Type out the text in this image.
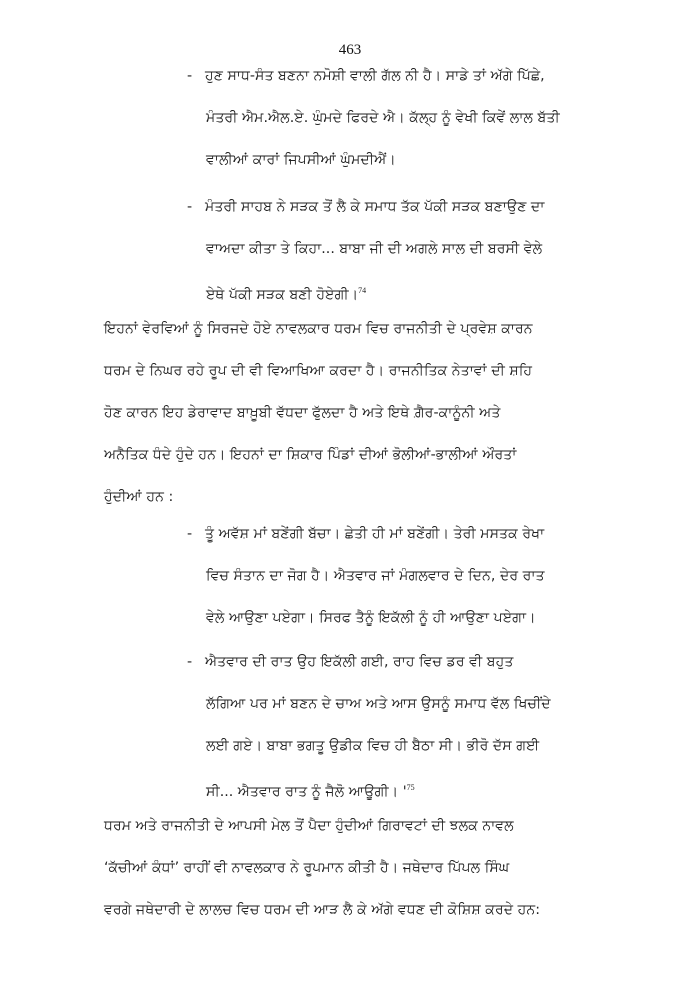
463
- ਹੁਣ ਸਾਧ-ਸੰਤ ਬਣਨਾ ਨਮੋਸ਼ੀ ਵਾਲੀ ਗੱਲ ਨੀ ਹੈ। ਸਾਡੇ ਤਾਂ ਅੱਗੇ ਪਿੱਛੇ,
ਮੰਤਰੀ ਐਮ.ਐਲ.ਏ. ਘੁੰਮਦੇ ਫਿਰਦੇ ਐ। ਕੱਲ੍ਹ ਨੂੰ ਵੇਖੀ ਕਿਵੇਂ ਲਾਲ ਬੱਤੀ
ਵਾਲੀਆਂ ਕਾਰਾਂ ਜਿਪਸੀਆਂ ਘੁੰਮਦੀਐਂ।
- ਮੰਤਰੀ ਸਾਹਬ ਨੇ ਸੜਕ ਤੋਂ ਲੈ ਕੇ ਸਮਾਧ ਤੱਕ ਪੱਕੀ ਸੜਕ ਬਣਾਉਣ ਦਾ
ਵਾਅਦਾ ਕੀਤਾ ਤੇ ਕਿਹਾ... ਬਾਬਾ ਜੀ ਦੀ ਅਗਲੇ ਸਾਲ ਦੀ ਬਰਸੀ ਵੇਲੇ
ਏਥੇ ਪੱਕੀ ਸੜਕ ਬਣੀ ਹੋਏਗੀ।$^{74}$
ਇਹਨਾਂ ਵੇਰਵਿਆਂ ਨੂੰ ਸਿਰਜਦੇ ਹੋਏ ਨਾਵਲਕਾਰ ਧਰਮ ਵਿਚ ਰਾਜਨੀਤੀ ਦੇ ਪ੍ਰਵੇਸ਼ ਕਾਰਨ
ਧਰਮ ਦੇ ਨਿਘਰ ਰਹੇ ਰੂਪ ਦੀ ਵੀ ਵਿਆਖਿਆ ਕਰਦਾ ਹੈ। ਰਾਜਨੀਤਿਕ ਨੇਤਾਵਾਂ ਦੀ ਸ਼ਹਿ
ਹੋਣ ਕਾਰਨ ਇਹ ਡੇਰਾਵਾਦ ਬਾਖ਼ੂਬੀ ਵੱਧਦਾ ਫੁੱਲਦਾ ਹੈ ਅਤੇ ਇਥੇ ਗ਼ੈਰ-ਕਾਨੂੰਨੀ ਅਤੇ
ਅਨੈਤਿਕ ਧੰਦੇ ਹੁੰਦੇ ਹਨ। ਇਹਨਾਂ ਦਾ ਸ਼ਿਕਾਰ ਪਿੰਡਾਂ ਦੀਆਂ ਭੋਲੀਆਂ-ਭਾਲੀਆਂ ਔਰਤਾਂ
ਹੁੰਦੀਆਂ ਹਨ :
- ਤੂੰ ਅਵੱਸ਼ ਮਾਂ ਬਣੇਂਗੀ ਬੱਚਾ। ਛੇਤੀ ਹੀ ਮਾਂ ਬਣੇਂਗੀ। ਤੇਰੀ ਮਸਤਕ ਰੇਖਾ
ਵਿਚ ਸੰਤਾਨ ਦਾ ਜੋਗ ਹੈ। ਐਤਵਾਰ ਜਾਂ ਮੰਗਲਵਾਰ ਦੇ ਦਿਨ, ਦੇਰ ਰਾਤ
ਵੇਲੇ ਆਉਣਾ ਪਏਗਾ। ਸਿਰਫ ਤੈਨੂੰ ਇਕੱਲੀ ਨੂੰ ਹੀ ਆਉਣਾ ਪਏਗਾ।
- ਐਤਵਾਰ ਦੀ ਰਾਤ ਉਹ ਇਕੱਲੀ ਗਈ, ਰਾਹ ਵਿਚ ਡਰ ਵੀ ਬਹੁਤ
ਲੱਗਿਆ ਪਰ ਮਾਂ ਬਣਨ ਦੇ ਚਾਅ ਅਤੇ ਆਸ ਉਸਨੂੰ ਸਮਾਧ ਵੱਲ ਖਿਚੀਂਦੇ
ਲਈ ਗਏ। ਬਾਬਾ ਭਗਤੂ ਉਡੀਕ ਵਿਚ ਹੀ ਬੈਠਾ ਸੀ। ਭੀਰੋ ਦੱਸ ਗਈ
ਸੀ... ਐਤਵਾਰ ਰਾਤ ਨੂੰ ਜੈਲੋ ਆਊਗੀ। '$^{75}$
ਧਰਮ ਅਤੇ ਰਾਜਨੀਤੀ ਦੇ ਆਪਸੀ ਮੇਲ ਤੋਂ ਪੈਦਾ ਹੁੰਦੀਆਂ ਗਿਰਾਵਟਾਂ ਦੀ ਝਲਕ ਨਾਵਲ
‘ਕੱਚੀਆਂ ਕੰਧਾਂ’ ਰਾਹੀਂ ਵੀ ਨਾਵਲਕਾਰ ਨੇ ਰੂਪਮਾਨ ਕੀਤੀ ਹੈ। ਜਥੇਦਾਰ ਪਿੱਪਲ ਸਿੰਘ
ਵਰਗੇ ਜਥੇਦਾਰੀ ਦੇ ਲਾਲਚ ਵਿਚ ਧਰਮ ਦੀ ਆੜ ਲੈ ਕੇ ਅੱਗੇ ਵਧਣ ਦੀ ਕੋਸ਼ਿਸ਼ ਕਰਦੇ ਹਨ:
